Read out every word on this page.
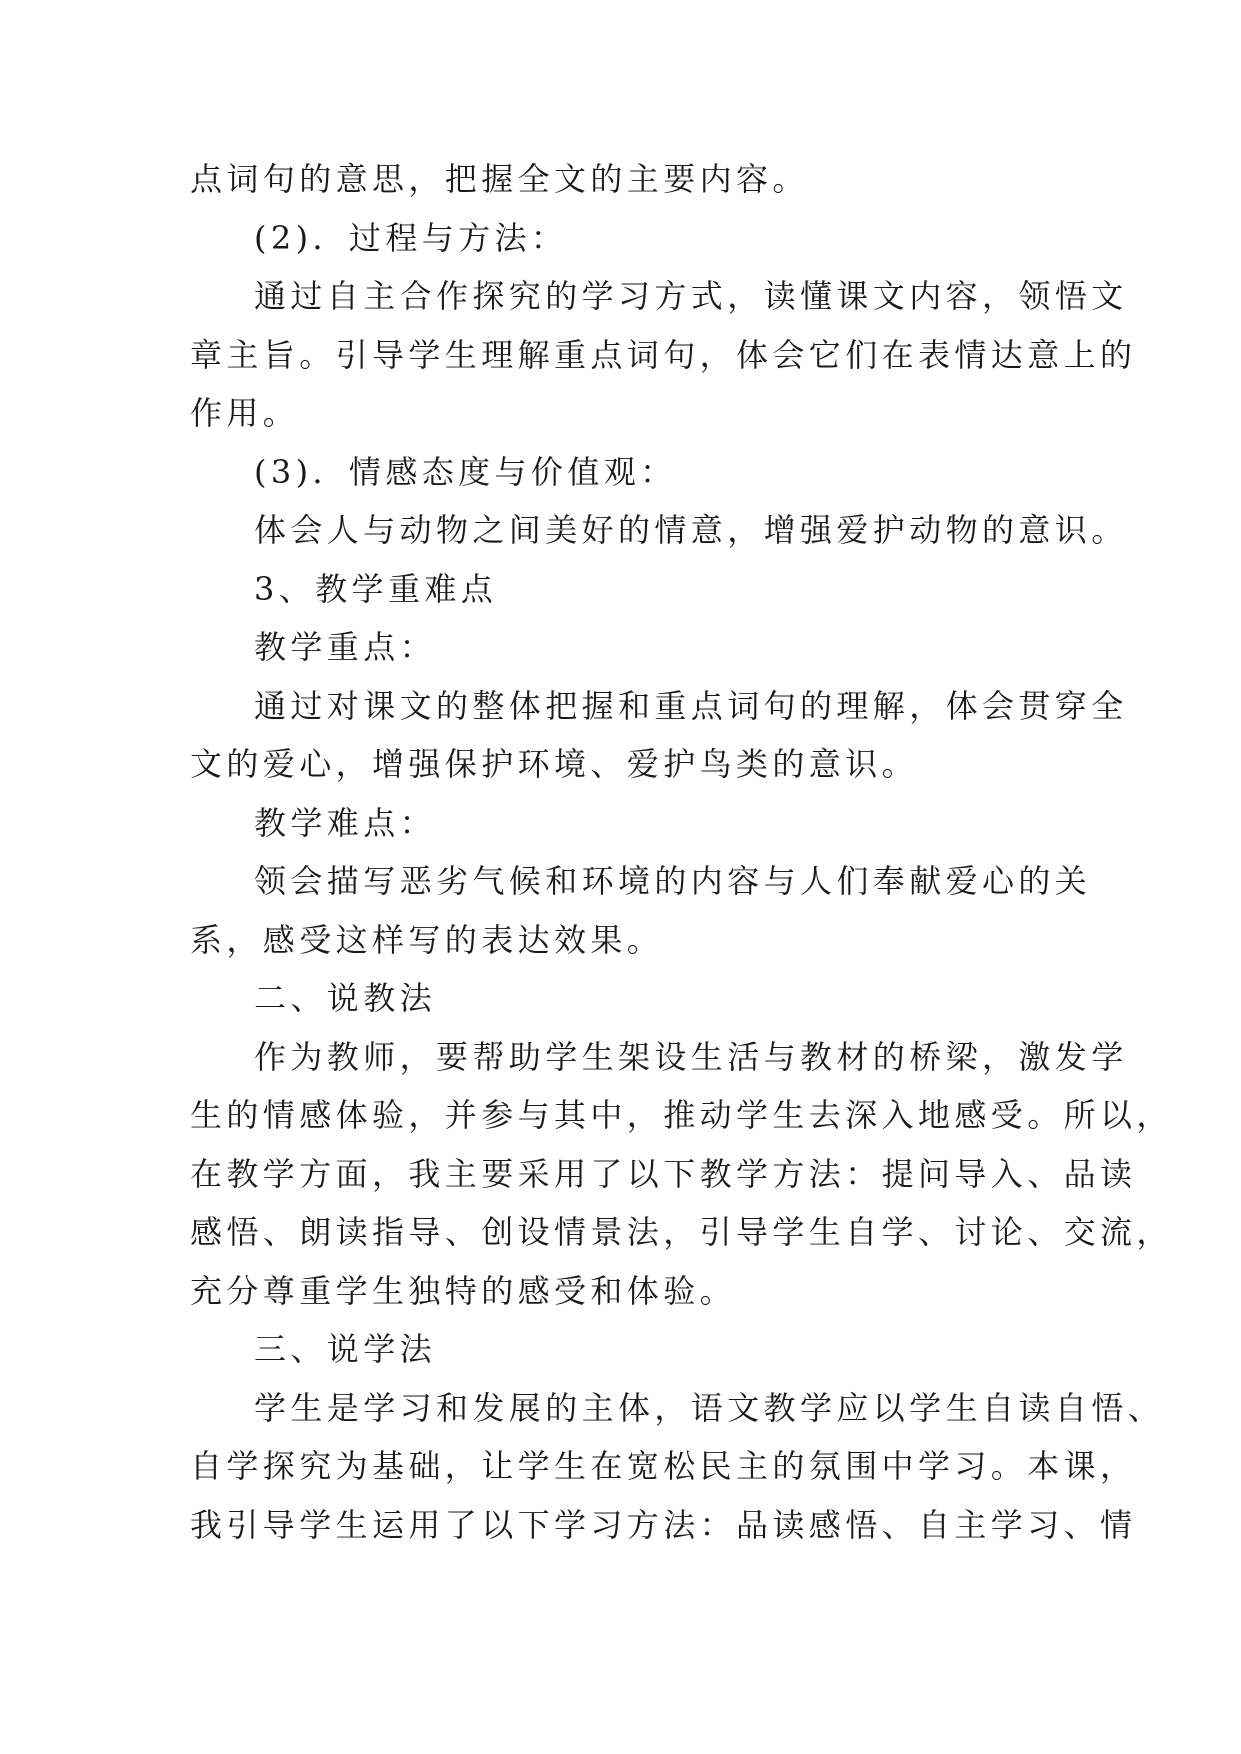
点词句的意思，把握全文的主要内容。
(2)．过程与方法：
通过自主合作探究的学习方式，读懂课文内容，领悟文
章主旨。引导学生理解重点词句，体会它们在表情达意上的
作用。
(3)．情感态度与价值观：
体会人与动物之间美好的情意，增强爱护动物的意识。
3、教学重难点
教学重点：
通过对课文的整体把握和重点词句的理解，体会贯穿全
文的爱心，增强保护环境、爱护鸟类的意识。
教学难点：
领会描写恶劣气候和环境的内容与人们奉献爱心的关
系，感受这样写的表达效果。
二、说教法
作为教师，要帮助学生架设生活与教材的桥梁，激发学
生的情感体验，并参与其中，推动学生去深入地感受。所以，
在教学方面，我主要采用了以下教学方法：提问导入、品读
感悟、朗读指导、创设情景法，引导学生自学、讨论、交流，
充分尊重学生独特的感受和体验。
三、说学法
学生是学习和发展的主体，语文教学应以学生自读自悟、
自学探究为基础，让学生在宽松民主的氛围中学习。本课，
我引导学生运用了以下学习方法：品读感悟、自主学习、情
